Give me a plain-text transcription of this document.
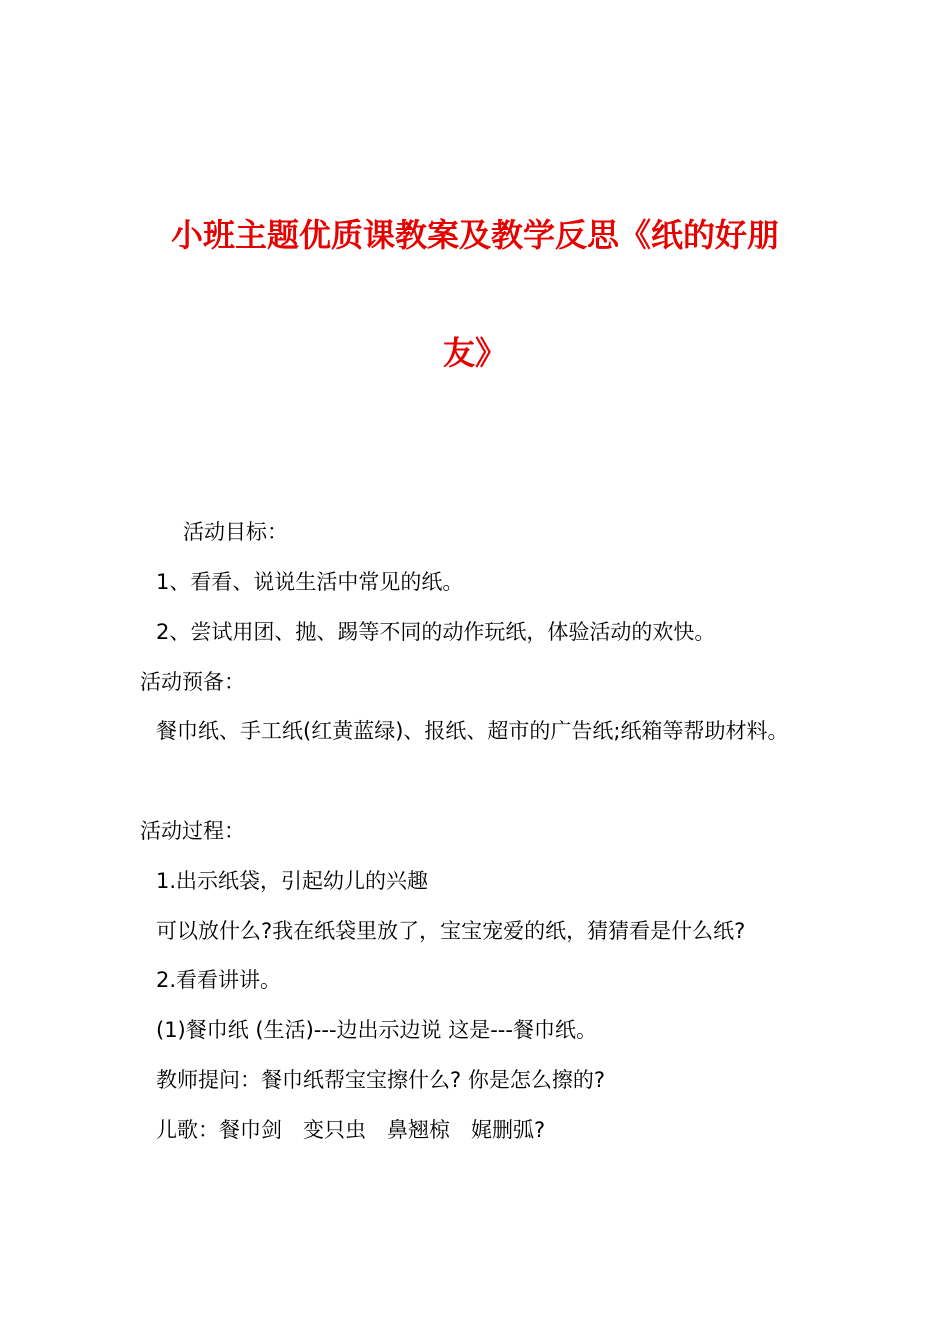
小班主题优质课教案及教学反思《纸的好朋
友》
活动目标：
1、看看、说说生活中常见的纸。
2、尝试用团、抛、踢等不同的动作玩纸，体验活动的欢快。
活动预备：
餐巾纸、手工纸(红黄蓝绿)、报纸、超市的广告纸;纸箱等帮助材料。
活动过程：
1.出示纸袋，引起幼儿的兴趣
可以放什么?我在纸袋里放了，宝宝宠爱的纸，猜猜看是什么纸?
2.看看讲讲。
(1)餐巾纸 (生活)---边出示边说 这是---餐巾纸。
教师提问：餐巾纸帮宝宝擦什么? 你是怎么擦的?
儿歌：餐巾剑　变只虫　鼻翘椋　娓删弧?
